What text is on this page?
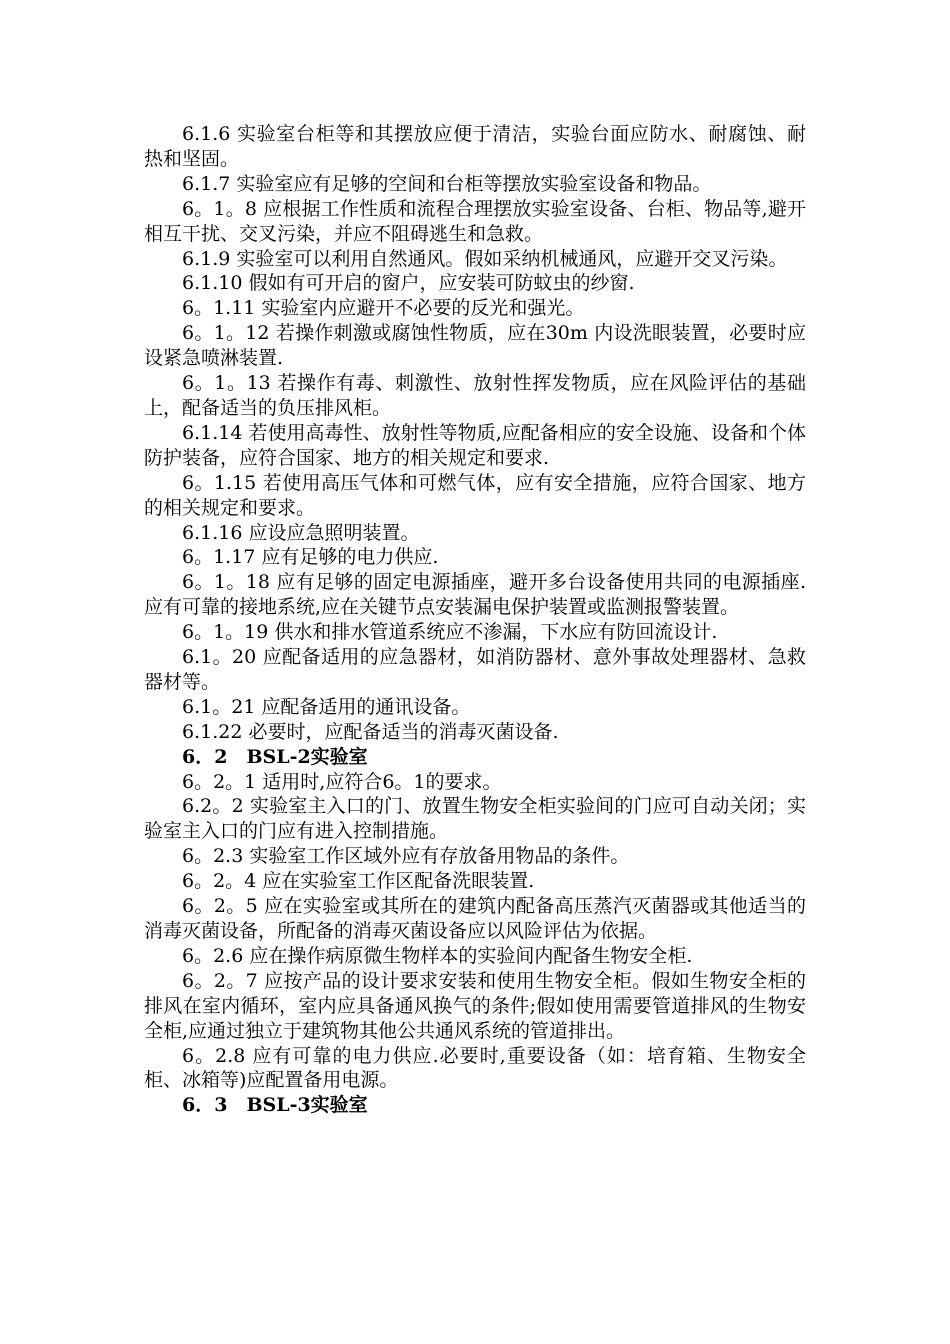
6.1.6 实验室台柜等和其摆放应便于清洁，实验台面应防水、耐腐蚀、耐热和坚固。

6.1.7 实验室应有足够的空间和台柜等摆放实验室设备和物品。

6。1。8 应根据工作性质和流程合理摆放实验室设备、台柜、物品等,避开相互干扰、交叉污染，并应不阻碍逃生和急救。

6.1.9 实验室可以利用自然通风。假如采纳机械通风，应避开交叉污染。

6.1.10 假如有可开启的窗户，应安装可防蚊虫的纱窗.

6。1.11 实验室内应避开不必要的反光和强光。

6。1。12 若操作刺激或腐蚀性物质，应在30m 内设洗眼装置，必要时应设紧急喷淋装置.

6。1。13 若操作有毒、刺激性、放射性挥发物质，应在风险评估的基础上，配备适当的负压排风柜。

6.1.14 若使用高毒性、放射性等物质,应配备相应的安全设施、设备和个体防护装备，应符合国家、地方的相关规定和要求.

6。1.15 若使用高压气体和可燃气体，应有安全措施，应符合国家、地方的相关规定和要求。

6.1.16 应设应急照明装置。

6。1.17 应有足够的电力供应.

6。1。18 应有足够的固定电源插座，避开多台设备使用共同的电源插座.应有可靠的接地系统,应在关键节点安装漏电保护装置或监测报警装置。

6。1。19 供水和排水管道系统应不渗漏，下水应有防回流设计.

6.1。20 应配备适用的应急器材，如消防器材、意外事故处理器材、急救器材等。

6.1。21 应配备适用的通讯设备。

6.1.22 必要时，应配备适当的消毒灭菌设备.

6．2　BSL-2实验室

6。2。1 适用时,应符合6。1的要求。

6.2。2 实验室主入口的门、放置生物安全柜实验间的门应可自动关闭；实验室主入口的门应有进入控制措施。

6。2.3 实验室工作区域外应有存放备用物品的条件。

6。2。4 应在实验室工作区配备洗眼装置.

6。2。5 应在实验室或其所在的建筑内配备高压蒸汽灭菌器或其他适当的消毒灭菌设备，所配备的消毒灭菌设备应以风险评估为依据。

6。2.6 应在操作病原微生物样本的实验间内配备生物安全柜.

6。2。7 应按产品的设计要求安装和使用生物安全柜。假如生物安全柜的排风在室内循环，室内应具备通风换气的条件;假如使用需要管道排风的生物安全柜,应通过独立于建筑物其他公共通风系统的管道排出。

6。2.8 应有可靠的电力供应.必要时,重要设备（如：培育箱、生物安全柜、冰箱等)应配置备用电源。

6．3　BSL-3实验室
